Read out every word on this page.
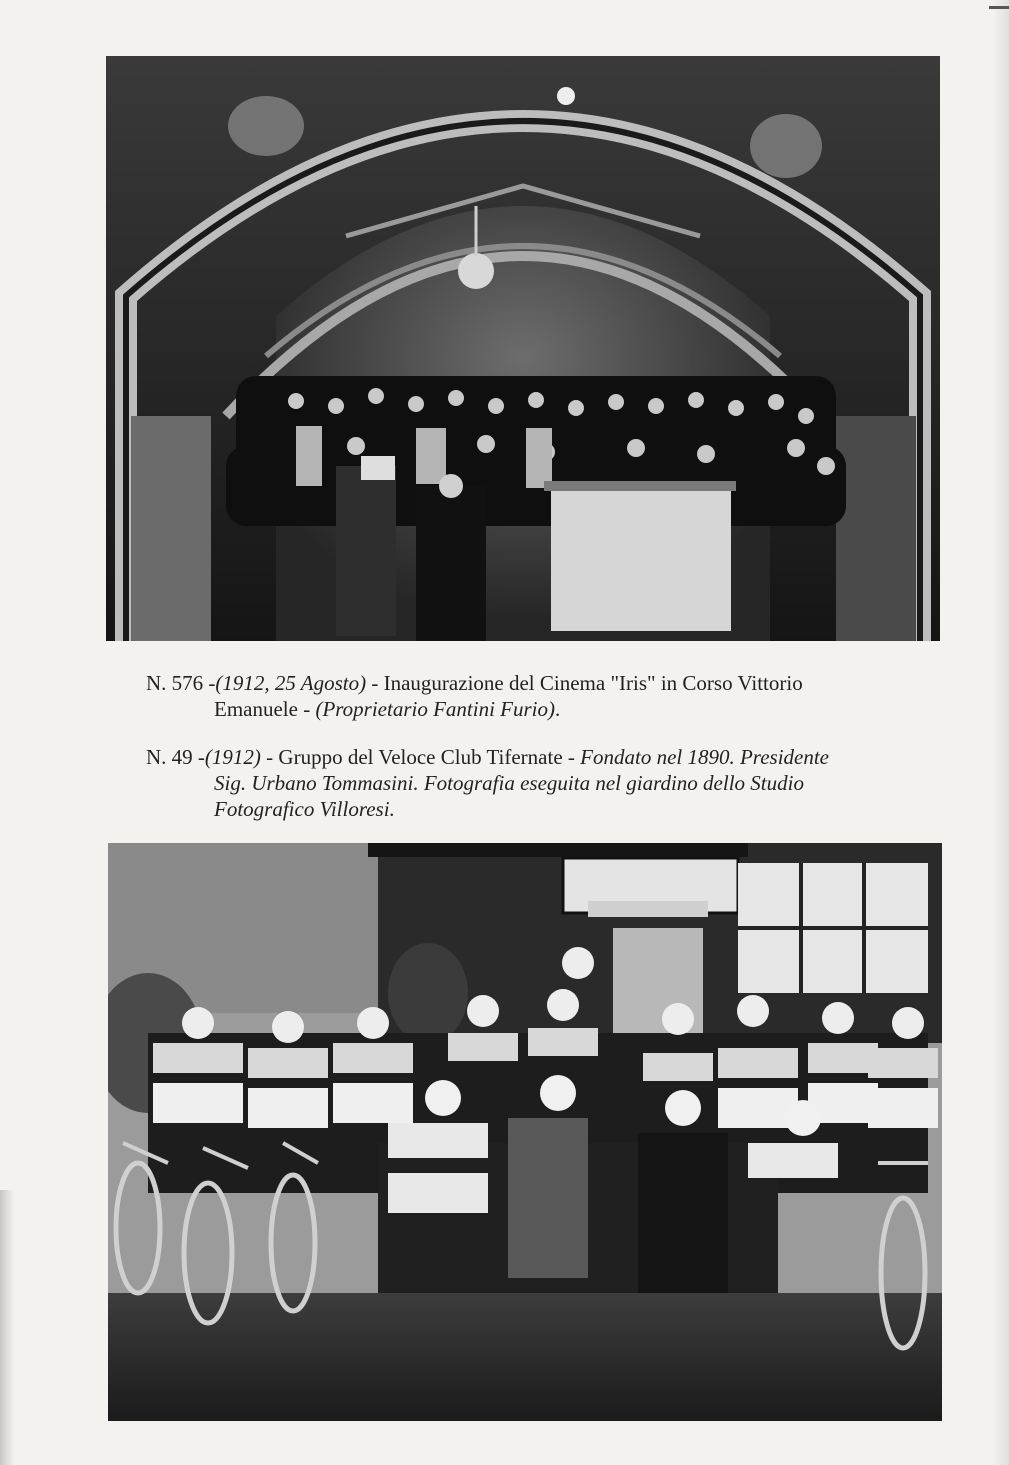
N. 576 -(1912, 25 Agosto) - Inaugurazione del Cinema "Iris" in Corso Vittorio
Emanuele - (Proprietario Fantini Furio).
N. 49 -(1912) - Gruppo del Veloce Club Tifernate - Fondato nel 1890. Presidente
Sig. Urbano Tommasini. Fotografia eseguita nel giardino dello Studio
Fotografico Villoresi.
